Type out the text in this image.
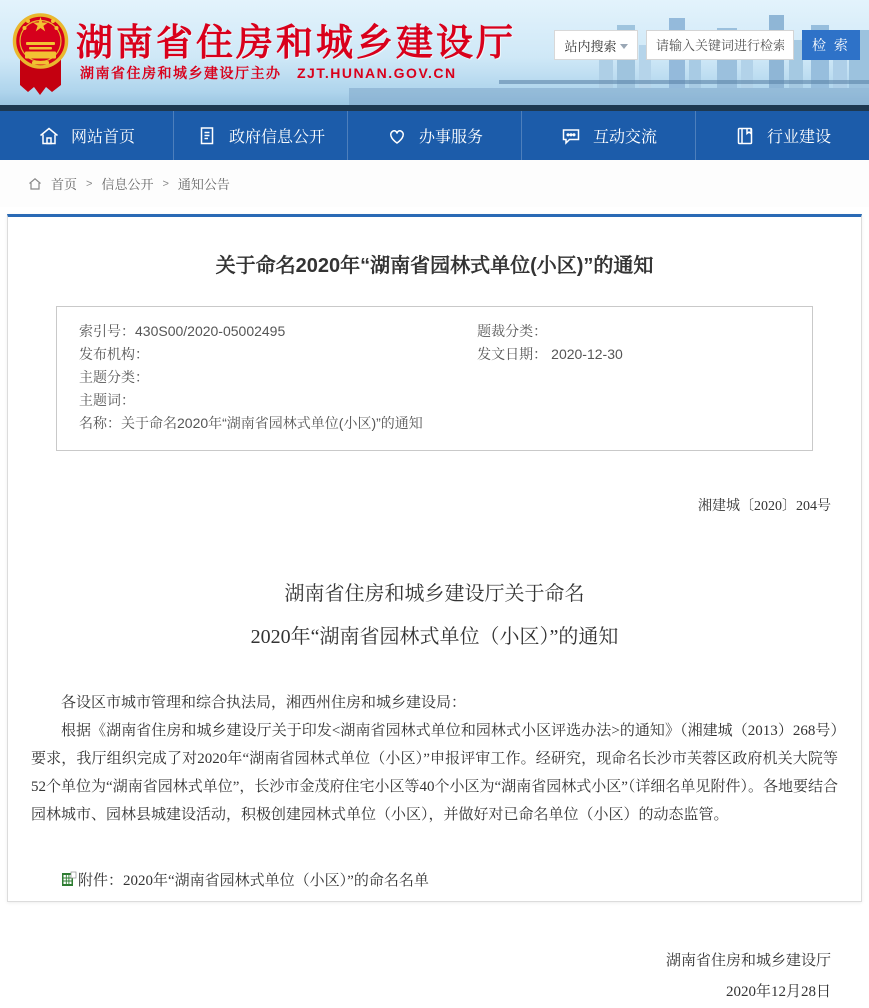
湖南省住房和城乡建设厅
湖南省住房和城乡建设厅主办　ZJT.HUNAN.GOV.CN
站内搜索
请输入关键词进行检索	检 索
网站首页	政府信息公开	办事服务	互动交流	行业建设
首页 > 信息公开 > 通知公告
关于命名2020年“湖南省园林式单位(小区)”的通知
索引号：430S00/2020-05002495	题裁分类：
发布机构：	发文日期： 2020-12-30
主题分类：
主题词：
名称：关于命名2020年“湖南省园林式单位(小区)”的通知
湘建城〔2020〕204号
湖南省住房和城乡建设厅关于命名
2020年“湖南省园林式单位（小区）”的通知

各设区市城市管理和综合执法局，湘西州住房和城乡建设局：

根据《湖南省住房和城乡建设厅关于印发<湖南省园林式单位和园林式小区评选办法>的通知》（湘建城（2013）268号）要求，我厅组织完成了对2020年“湖南省园林式单位（小区）”申报评审工作。经研究，现命名长沙市芙蓉区政府机关大院等52个单位为“湖南省园林式单位”，长沙市金茂府住宅小区等40个小区为“湖南省园林式小区”（详细名单见附件）。各地要结合园林城市、园林县城建设活动，积极创建园林式单位（小区），并做好对已命名单位（小区）的动态监管。

附件：2020年“湖南省园林式单位（小区）”的命名名单
湖南省住房和城乡建设厅
2020年12月28日
